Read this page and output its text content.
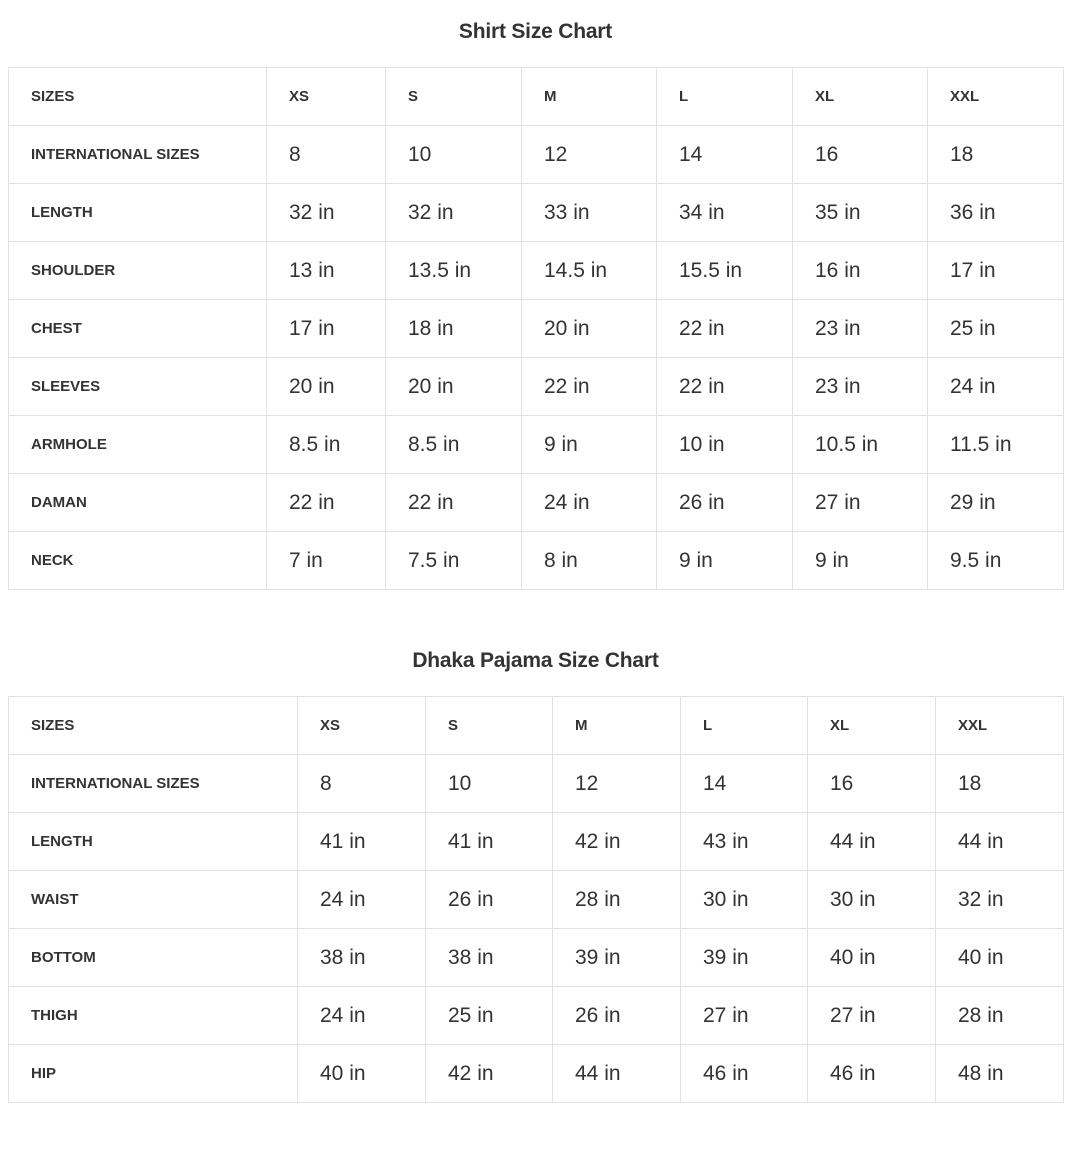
Shirt Size Chart
SIZES	XS	S	M	L	XL	XXL
INTERNATIONAL SIZES	8	10	12	14	16	18
LENGTH	32 in	32 in	33 in	34 in	35 in	36 in
SHOULDER	13 in	13.5 in	14.5 in	15.5 in	16 in	17 in
CHEST	17 in	18 in	20 in	22 in	23 in	25 in
SLEEVES	20 in	20 in	22 in	22 in	23 in	24 in
ARMHOLE	8.5 in	8.5 in	9 in	10 in	10.5 in	11.5 in
DAMAN	22 in	22 in	24 in	26 in	27 in	29 in
NECK	7 in	7.5 in	8 in	9 in	9 in	9.5 in
Dhaka Pajama Size Chart
SIZES	XS	S	M	L	XL	XXL
INTERNATIONAL SIZES	8	10	12	14	16	18
LENGTH	41 in	41 in	42 in	43 in	44 in	44 in
WAIST	24 in	26 in	28 in	30 in	30 in	32 in
BOTTOM	38 in	38 in	39 in	39 in	40 in	40 in
THIGH	24 in	25 in	26 in	27 in	27 in	28 in
HIP	40 in	42 in	44 in	46 in	46 in	48 in
